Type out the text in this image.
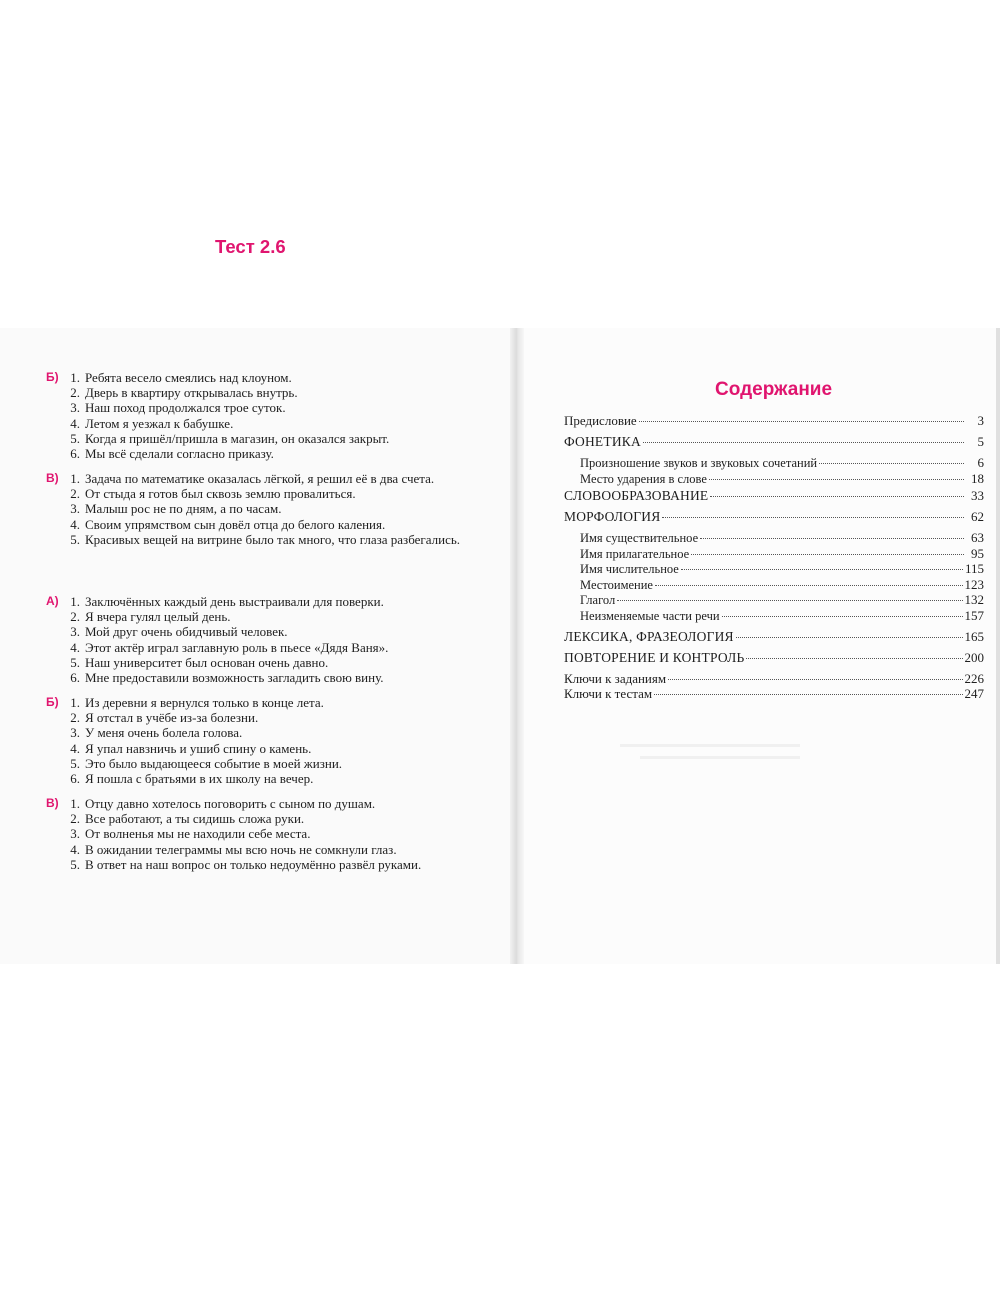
Б) 1. Ребята весело смеялись над клоуном.
2. Дверь в квартиру открывалась внутрь.
3. Наш поход продолжался трое суток.
4. Летом я уезжал к бабушке.
5. Когда я пришёл/пришла в магазин, он оказался закрыт.
6. Мы всё сделали согласно приказу.
В) 1. Задача по математике оказалась лёгкой, я решил её в два счета.
2. От стыда я готов был сквозь землю провалиться.
3. Малыш рос не по дням, а по часам.
4. Своим упрямством сын довёл отца до белого каления.
5. Красивых вещей на витрине было так много, что глаза разбегались.
Тест 2.6
А) 1. Заключённых каждый день выстраивали для поверки.
2. Я вчера гулял целый день.
3. Мой друг очень обидчивый человек.
4. Этот актёр играл заглавную роль в пьесе «Дядя Ваня».
5. Наш университет был основан очень давно.
6. Мне предоставили возможность загладить свою вину.
Б) 1. Из деревни я вернулся только в конце лета.
2. Я отстал в учёбе из-за болезни.
3. У меня очень болела голова.
4. Я упал навзничь и ушиб спину о камень.
5. Это было выдающееся событие в моей жизни.
6. Я пошла с братьями в их школу на вечер.
В) 1. Отцу давно хотелось поговорить с сыном по душам.
2. Все работают, а ты сидишь сложа руки.
3. От волненья мы не находили себе места.
4. В ожидании телеграммы мы всю ночь не сомкнули глаз.
5. В ответ на наш вопрос он только недоумённо развёл руками.
Содержание
Предисловие	3
ФОНЕТИКА	5
Произношение звуков и звуковых сочетаний	6
Место ударения в слове	18
СЛОВООБРАЗОВАНИЕ	33
МОРФОЛОГИЯ	62
Имя существительное	63
Имя прилагательное	95
Имя числительное	115
Местоимение	123
Глагол	132
Неизменяемые части речи	157
ЛЕКСИКА, ФРАЗЕОЛОГИЯ	165
ПОВТОРЕНИЕ И КОНТРОЛЬ	200
Ключи к заданиям	226
Ключи к тестам	247
